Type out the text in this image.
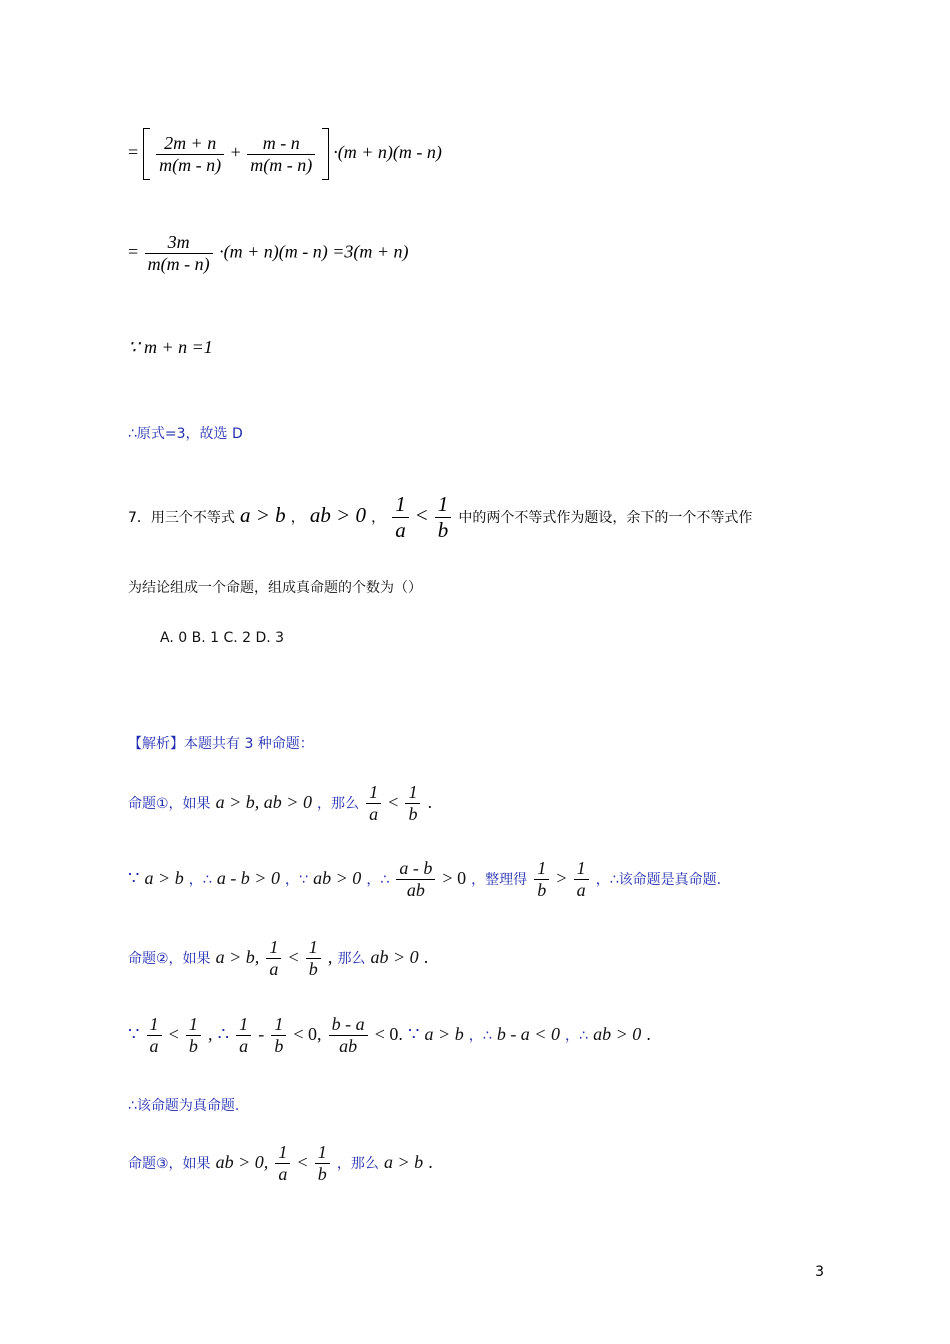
= $\frac{2m + n}{m(m - n)} + \frac{m - n}{m(m - n)} \cdot(m + n)(m - n)$
= $\frac{3m}{m(m - n)} \cdot(m + n)(m - n) =3(m + n)$
∵ m + n =1
∴原式=3，故选 D
7．用三个不等式 a > b ， ab > 0 ， $\frac{1}{a} < \frac{1}{b}$ 中的两个不等式作为题设，余下的一个不等式作
为结论组成一个命题，组成真命题的个数为（）
A. 0 B. 1 C. 2 D. 3
【解析】本题共有 3 种命题：
命题①，如果 a > b, ab > 0 ，那么 $\frac{1}{a} < \frac{1}{b}$ .
∵ a > b ，∴ a - b > 0 ，∵ ab > 0 ，∴ $\frac{a - b}{ab} > 0$ ，整理得 $\frac{1}{b} > \frac{1}{a}$ ，∴该命题是真命题.
命题②，如果 a > b, $\frac{1}{a} < \frac{1}{b}$ , 那么 ab > 0 .
∵ $\frac{1}{a} < \frac{1}{b}$ , ∴ $\frac{1}{a} - \frac{1}{b} < 0$, $\frac{b - a}{ab} < 0$. ∵ a > b ，∴ b - a < 0 ，∴ ab > 0 .
∴该命题为真命题.
命题③，如果 ab > 0, $\frac{1}{a} < \frac{1}{b}$ ，那么 a > b .
3
